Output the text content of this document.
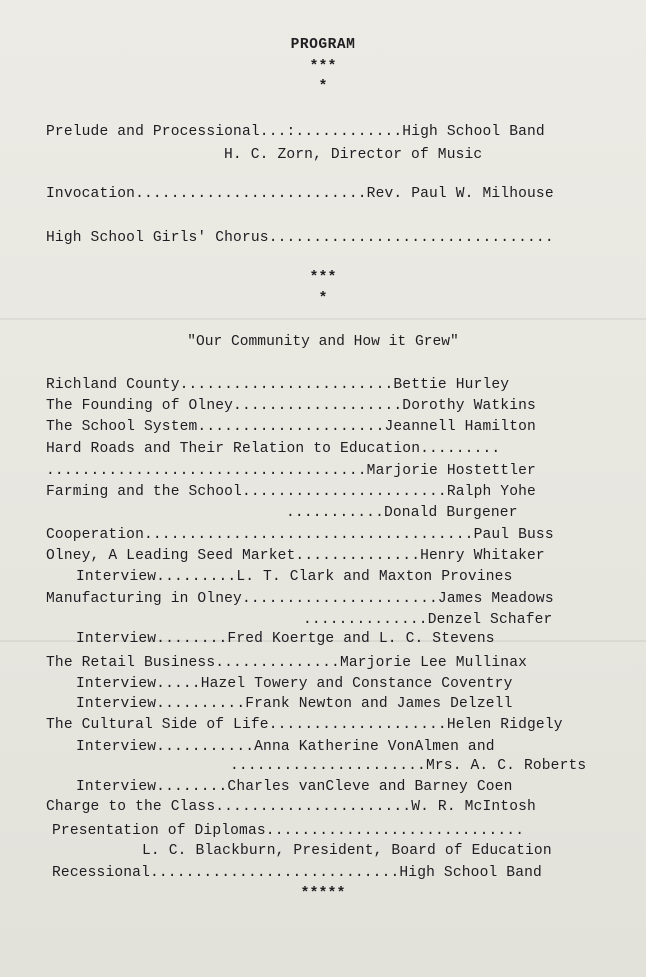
PROGRAM
***
*
Prelude and Processional...:............High School Band
H. C. Zorn, Director of Music
Invocation..........................Rev. Paul W. Milhouse
High School Girls' Chorus................................
***
*
"Our Community and How it Grew"
Richland County........................Bettie Hurley
The Founding of Olney...................Dorothy Watkins
The School System.....................Jeannell Hamilton
Hard Roads and Their Relation to Education.........
....................................Marjorie Hostettler
Farming and the School.......................Ralph Yohe
...........Donald Burgener
Cooperation.....................................Paul Buss
Olney, A Leading Seed Market..............Henry Whitaker
Interview.........L. T. Clark and Maxton Provines
Manufacturing in Olney......................James Meadows
..............Denzel Schafer
Interview........Fred Koertge and L. C. Stevens
The Retail Business..............Marjorie Lee Mullinax
Interview.....Hazel Towery and Constance Coventry
Interview..........Frank Newton and James Delzell
The Cultural Side of Life....................Helen Ridgely
Interview...........Anna Katherine VonAlmen and
......................Mrs. A. C. Roberts
Interview........Charles vanCleve and Barney Coen
Charge to the Class......................W. R. McIntosh
Presentation of Diplomas.............................
L. C. Blackburn, President, Board of Education
Recessional............................High School Band
*****
